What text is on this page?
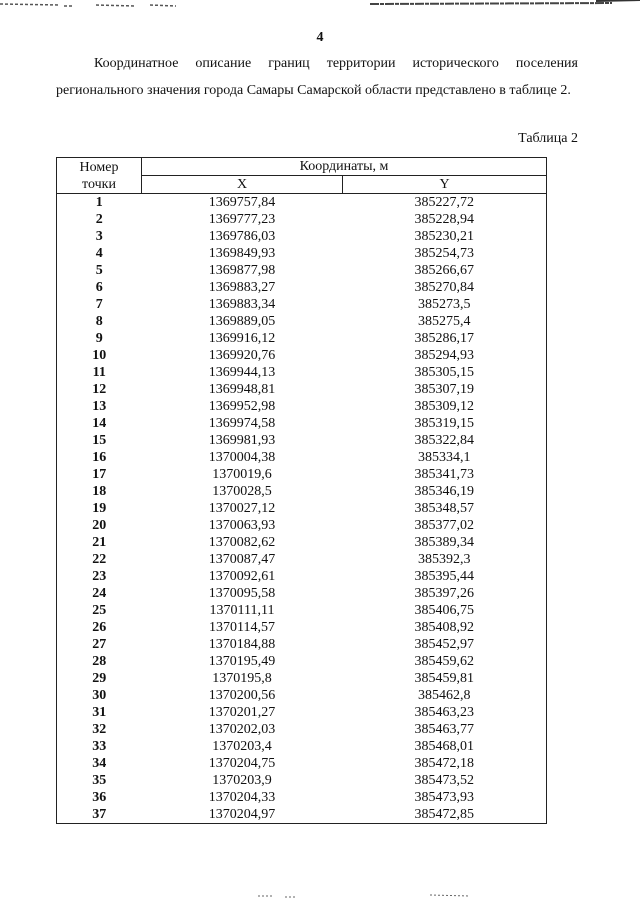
4

Координатное описание границ территории исторического поселения регионального значения города Самары Самарской области представлено в таблице 2.

Таблица 2
Номер
точки	Координаты, м	
	X	Y
1	1369757,84	385227,72
2	1369777,23	385228,94
3	1369786,03	385230,21
4	1369849,93	385254,73
5	1369877,98	385266,67
6	1369883,27	385270,84
7	1369883,34	385273,5
8	1369889,05	385275,4
9	1369916,12	385286,17
10	1369920,76	385294,93
11	1369944,13	385305,15
12	1369948,81	385307,19
13	1369952,98	385309,12
14	1369974,58	385319,15
15	1369981,93	385322,84
16	1370004,38	385334,1
17	1370019,6	385341,73
18	1370028,5	385346,19
19	1370027,12	385348,57
20	1370063,93	385377,02
21	1370082,62	385389,34
22	1370087,47	385392,3
23	1370092,61	385395,44
24	1370095,58	385397,26
25	1370111,11	385406,75
26	1370114,57	385408,92
27	1370184,88	385452,97
28	1370195,49	385459,62
29	1370195,8	385459,81
30	1370200,56	385462,8
31	1370201,27	385463,23
32	1370202,03	385463,77
33	1370203,4	385468,01
34	1370204,75	385472,18
35	1370203,9	385473,52
36	1370204,33	385473,93
37	1370204,97	385472,85
